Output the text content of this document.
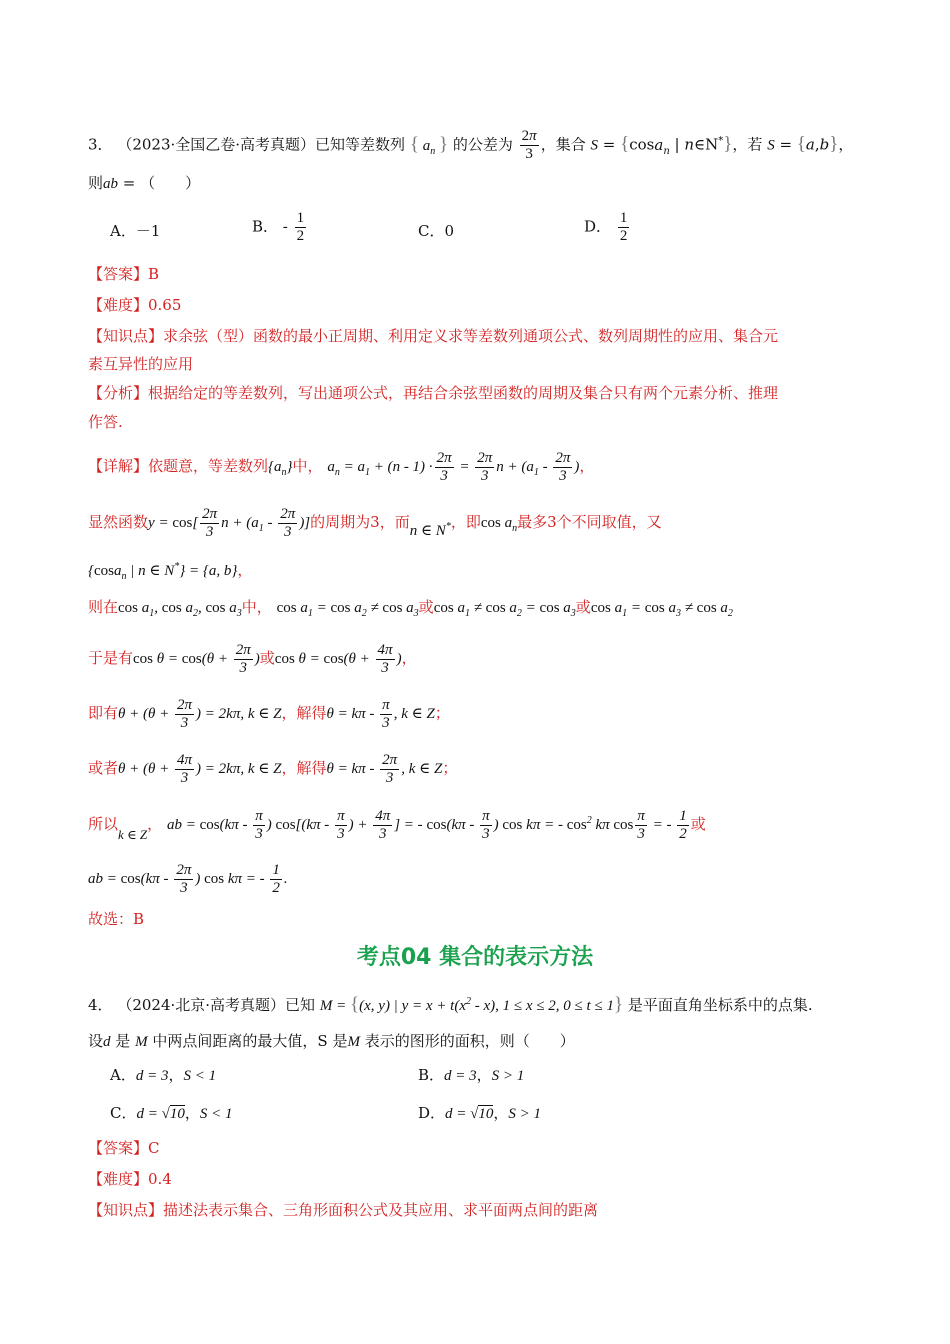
3． （2023·全国乙卷·高考真题）已知等差数列 { $a_n$ } 的公差为 $\frac{2\pi}{3}$ ，集合 S = {cosa$_n$ | n∈N*}，若 S = {a,b}，
则ab = （　　）
A．－1	B． - $\frac{1}{2}$	C．0	D． $\frac{1}{2}$
【答案】B
【难度】0.65
【知识点】求余弦（型）函数的最小正周期、利用定义求等差数列通项公式、数列周期性的应用、集合元
素互异性的应用
【分析】根据给定的等差数列，写出通项公式，再结合余弦型函数的周期及集合只有两个元素分析、推理
作答.
【详解】依题意，等差数列$\{a_n\}$中， $a_n = a_1 + (n - 1) \cdot \frac{2\pi}{3} = \frac{2\pi}{3}$ $n + (a_1 - \frac{2\pi}{3}$ )，
显然函数$y = \cos[ \frac{2\pi}{3}$ $n + (a_1 - \frac{2\pi}{3}$ )]的周期为3，而n ∈ N*，即$\cos a_n$最多3个不同取值，又
{cosa$_n$ | n ∈ N*} = {a, b}，
则在$\cos a_1$, $\cos a_2$, $\cos a_3$中， $\cos a_1 = \cos a_2 \ne \cos a_3$或$\cos a_1 \ne \cos a_2 = \cos a_3$或$\cos a_1 = \cos a_3 \ne \cos a_2$
于是有$\cos \theta = \cos(\theta + \frac{2\pi}{3}$ )或$\cos \theta = \cos(\theta + \frac{4\pi}{3}$ )，
即有$\theta + (\theta + \frac{2\pi}{3}$ ) = 2kπ, k ∈ Z，解得$\theta = k\pi - \frac{\pi}{3}$ , k ∈ Z；
或者$\theta + (\theta + \frac{4\pi}{3}$ ) = 2kπ, k ∈ Z，解得$\theta = k\pi - \frac{2\pi}{3}$ , k ∈ Z；
所以k ∈ Z， ab = $\cos(k\pi - \frac{\pi}{3}$ ) $\cos[(k\pi - \frac{\pi}{3}$ ) + $\frac{4\pi}{3}$ ] = - $\cos(k\pi - \frac{\pi}{3}$ ) cos kπ = - $\cos^2 k\pi$ $\cos \frac{\pi}{3}$ = - $\frac{1}{2}$ 或
ab = $\cos(k\pi - \frac{2\pi}{3}$ ) cos kπ = - $\frac{1}{2}$ .
故选：B
考点04 集合的表示方法
4． （2024·北京·高考真题）已知 M = {(x, y) | $y = x + t(x^2 - x)$, 1 ≤ x ≤ 2, 0 ≤ t ≤ 1} 是平面直角坐标系中的点集.
设d 是 M 中两点间距离的最大值，S 是M 表示的图形的面积，则（　　）
A．d = 3，S < 1	B．d = 3，S > 1
C．d = √10，S < 1	D．d = √10，S > 1
【答案】C
【难度】0.4
【知识点】描述法表示集合、三角形面积公式及其应用、求平面两点间的距离
